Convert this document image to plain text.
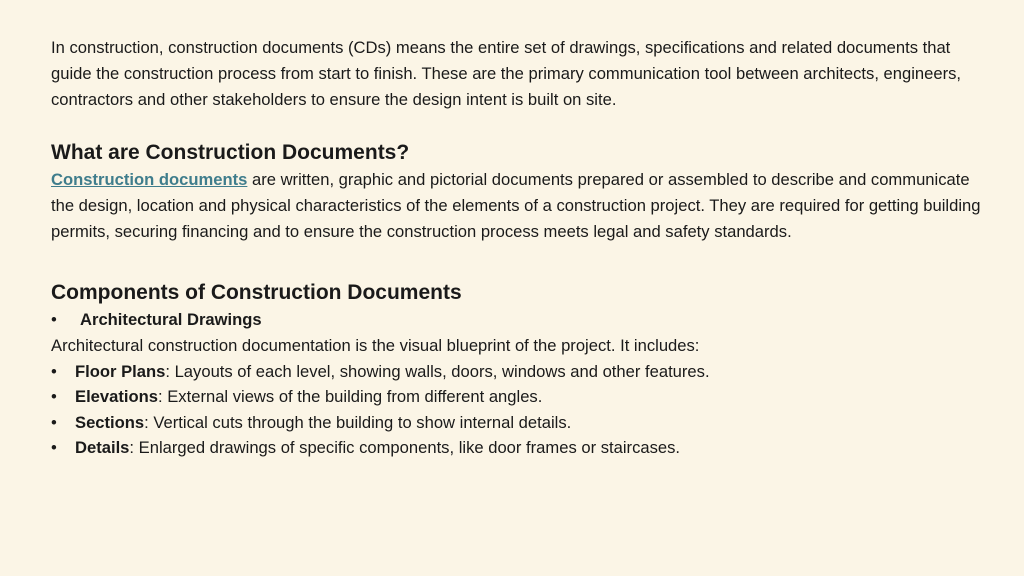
In construction, construction documents (CDs) means the entire set of drawings, specifications and related documents that guide the construction process from start to finish. These are the primary communication tool between architects, engineers, contractors and other stakeholders to ensure the design intent is built on site.

What are Construction Documents?

Construction documents are written, graphic and pictorial documents prepared or assembled to describe and communicate the design, location and physical characteristics of the elements of a construction project. They are required for getting building permits, securing financing and to ensure the construction process meets legal and safety standards.

Components of Construction Documents
• Architectural Drawings

Architectural construction documentation is the visual blueprint of the project. It includes:

• Floor Plans: Layouts of each level, showing walls, doors, windows and other features.
• Elevations: External views of the building from different angles.
• Sections: Vertical cuts through the building to show internal details.
• Details: Enlarged drawings of specific components, like door frames or staircases.
